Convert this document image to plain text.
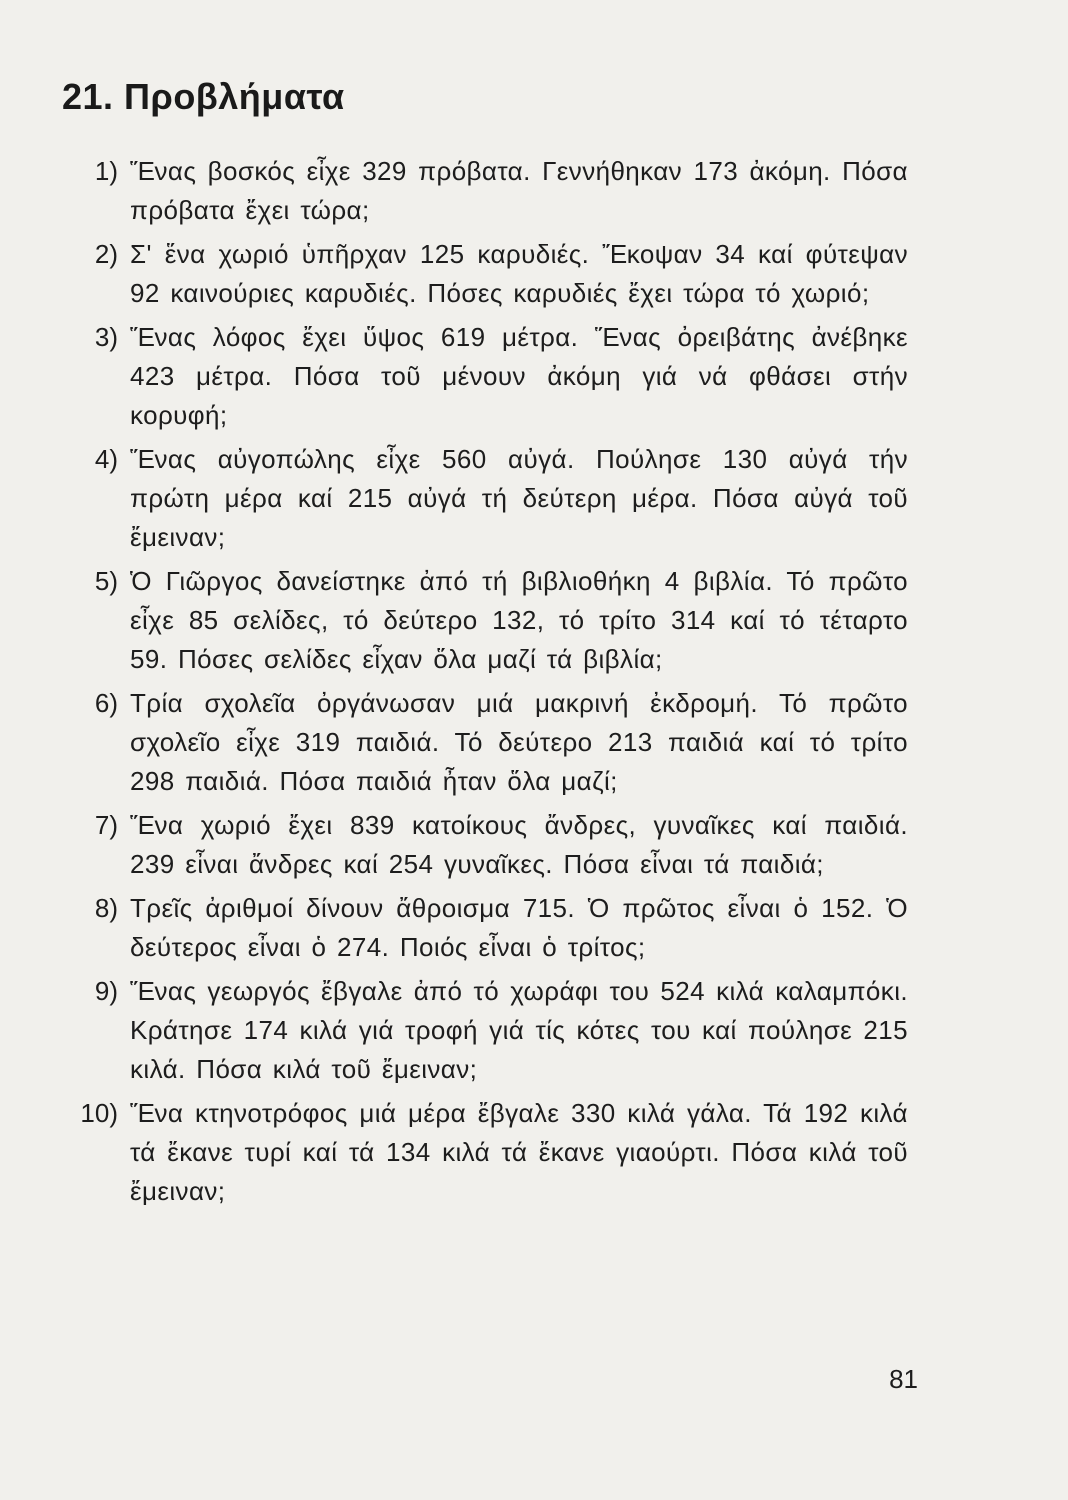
21. Προβλήματα
1) Ἕνας βοσκός εἶχε 329 πρόβατα. Γεννήθηκαν 173 ἀκόμη. Πόσα πρόβατα ἔχει τώρα;
2) Σ' ἕνα χωριό ὑπῆρχαν 125 καρυδιές. Ἔκοψαν 34 καί φύτεψαν 92 καινούριες καρυδιές. Πόσες καρυδιές ἔχει τώρα τό χωριό;
3) Ἕνας λόφος ἔχει ὕψος 619 μέτρα. Ἕνας ὀρειβάτης ἀνέβηκε 423 μέτρα. Πόσα τοῦ μένουν ἀκόμη γιά νά φθάσει στήν κορυφή;
4) Ἕνας αὐγοπώλης εἶχε 560 αὐγά. Πούλησε 130 αὐγά τήν πρώτη μέρα καί 215 αὐγά τή δεύτερη μέρα. Πόσα αὐγά τοῦ ἔμειναν;
5) Ὁ Γιῶργος δανείστηκε ἀπό τή βιβλιοθήκη 4 βιβλία. Τό πρῶτο εἶχε 85 σελίδες, τό δεύτερο 132, τό τρίτο 314 καί τό τέταρτο 59. Πόσες σελίδες εἶχαν ὅλα μαζί τά βιβλία;
6) Τρία σχολεῖα ὀργάνωσαν μιά μακρινή ἐκδρομή. Τό πρῶτο σχολεῖο εἶχε 319 παιδιά. Τό δεύτερο 213 παιδιά καί τό τρίτο 298 παιδιά. Πόσα παιδιά ἦταν ὅλα μαζί;
7) Ἕνα χωριό ἔχει 839 κατοίκους ἄνδρες, γυναῖκες καί παιδιά. 239 εἶναι ἄνδρες καί 254 γυναῖκες. Πόσα εἶναι τά παιδιά;
8) Τρεῖς ἀριθμοί δίνουν ἄθροισμα 715. Ὁ πρῶτος εἶναι ὁ 152. Ὁ δεύτερος εἶναι ὁ 274. Ποιός εἶναι ὁ τρίτος;
9) Ἕνας γεωργός ἔβγαλε ἀπό τό χωράφι του 524 κιλά καλαμπόκι. Κράτησε 174 κιλά γιά τροφή γιά τίς κότες του καί πούλησε 215 κιλά. Πόσα κιλά τοῦ ἔμειναν;
10) Ἕνα κτηνοτρόφος μιά μέρα ἔβγαλε 330 κιλά γάλα. Τά 192 κιλά τά ἔκανε τυρί καί τά 134 κιλά τά ἔκανε γιαούρτι. Πόσα κιλά τοῦ ἔμειναν;
81
